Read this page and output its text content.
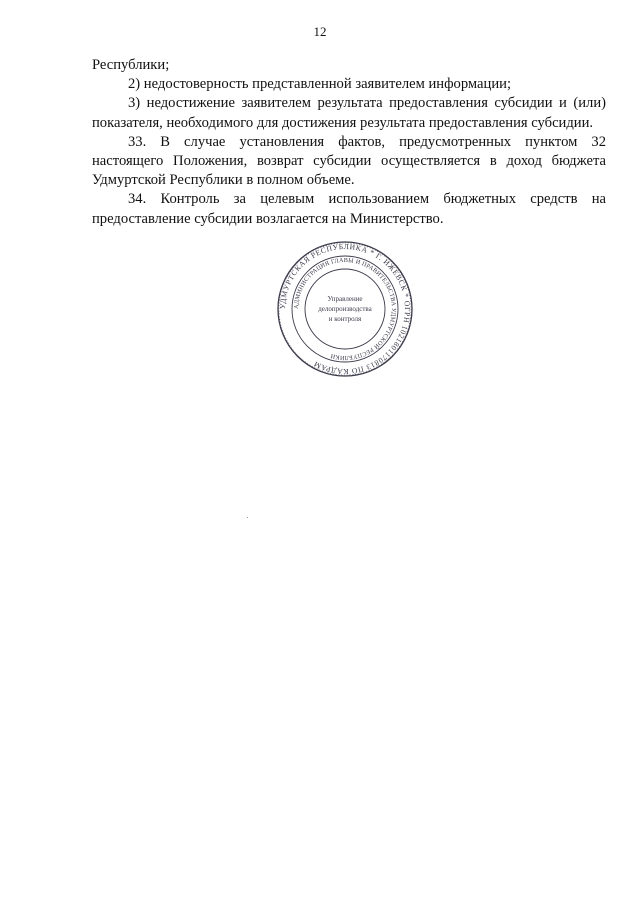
12

Республики;

2) недостоверность представленной заявителем информации;

3) недостижение заявителем результата предоставления субсидии и (или) показателя, необходимого для достижения результата предоставления субсидии.

33. В случае установления фактов, предусмотренных пунктом 32 настоящего Положения, возврат субсидии осуществляется в доход бюджета Удмуртской Республики в полном объеме.

34. Контроль за целевым использованием бюджетных средств на предоставление субсидии возлагается на Министерство.

УДМУРТСКАЯ РЕСПУБЛИКА * Г. ИЖЕВСК * ОГРН 1021801170813 ПО КАДРАМ
АДМИНИСТРАЦИЯ ГЛАВЫ И ПРАВИТЕЛЬСТВА УДМУРТСКОЙ РЕСПУБЛИКИ
Управление
делопроизводства
и контроля
